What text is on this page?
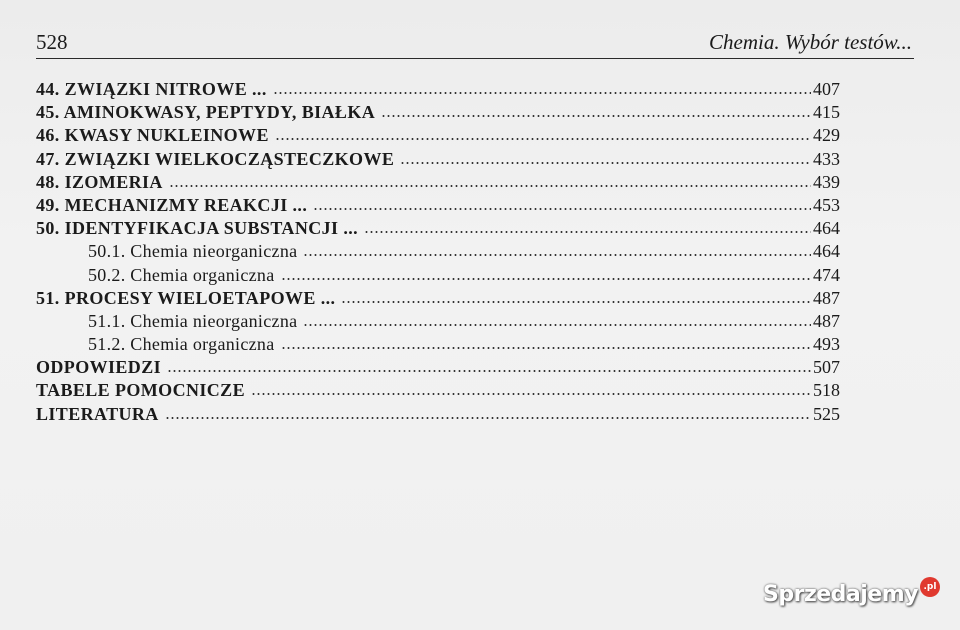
528	Chemia. Wybór testów...
44. ZWIĄZKI NITROWE ...	407
45. AMINOKWASY, PEPTYDY, BIAŁKA	415
46. KWASY NUKLEINOWE	429
47. ZWIĄZKI WIELKOCZĄSTECZKOWE	433
48. IZOMERIA	439
49. MECHANIZMY REAKCJI ...	453
50. IDENTYFIKACJA SUBSTANCJI ...	464
50.1. Chemia nieorganiczna	464
50.2. Chemia organiczna	474
51. PROCESY WIELOETAPOWE ...	487
51.1. Chemia nieorganiczna	487
51.2. Chemia organiczna	493
ODPOWIEDZI	507
TABELE POMOCNICZE	518
LITERATURA	525
Sprzedajemy .pl
